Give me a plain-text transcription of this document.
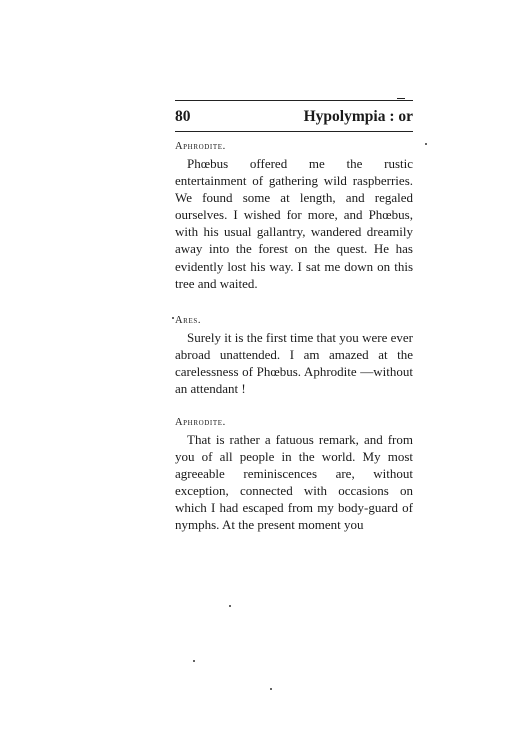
80	Hypolympia : or
Aphrodite.
Phœbus offered me the rustic entertainment of gathering wild raspberries. We found some at length, and regaled ourselves. I wished for more, and Phœbus, with his usual gallantry, wandered dreamily away into the forest on the quest. He has evidently lost his way. I sat me down on this tree and waited.
Ares.
Surely it is the first time that you were ever abroad unattended. I am amazed at the carelessness of Phœbus. Aphrodite —without an attendant !
Aphrodite.
That is rather a fatuous remark, and from you of all people in the world. My most agreeable reminiscences are, without exception, connected with occasions on which I had escaped from my body-guard of nymphs. At the present moment you
